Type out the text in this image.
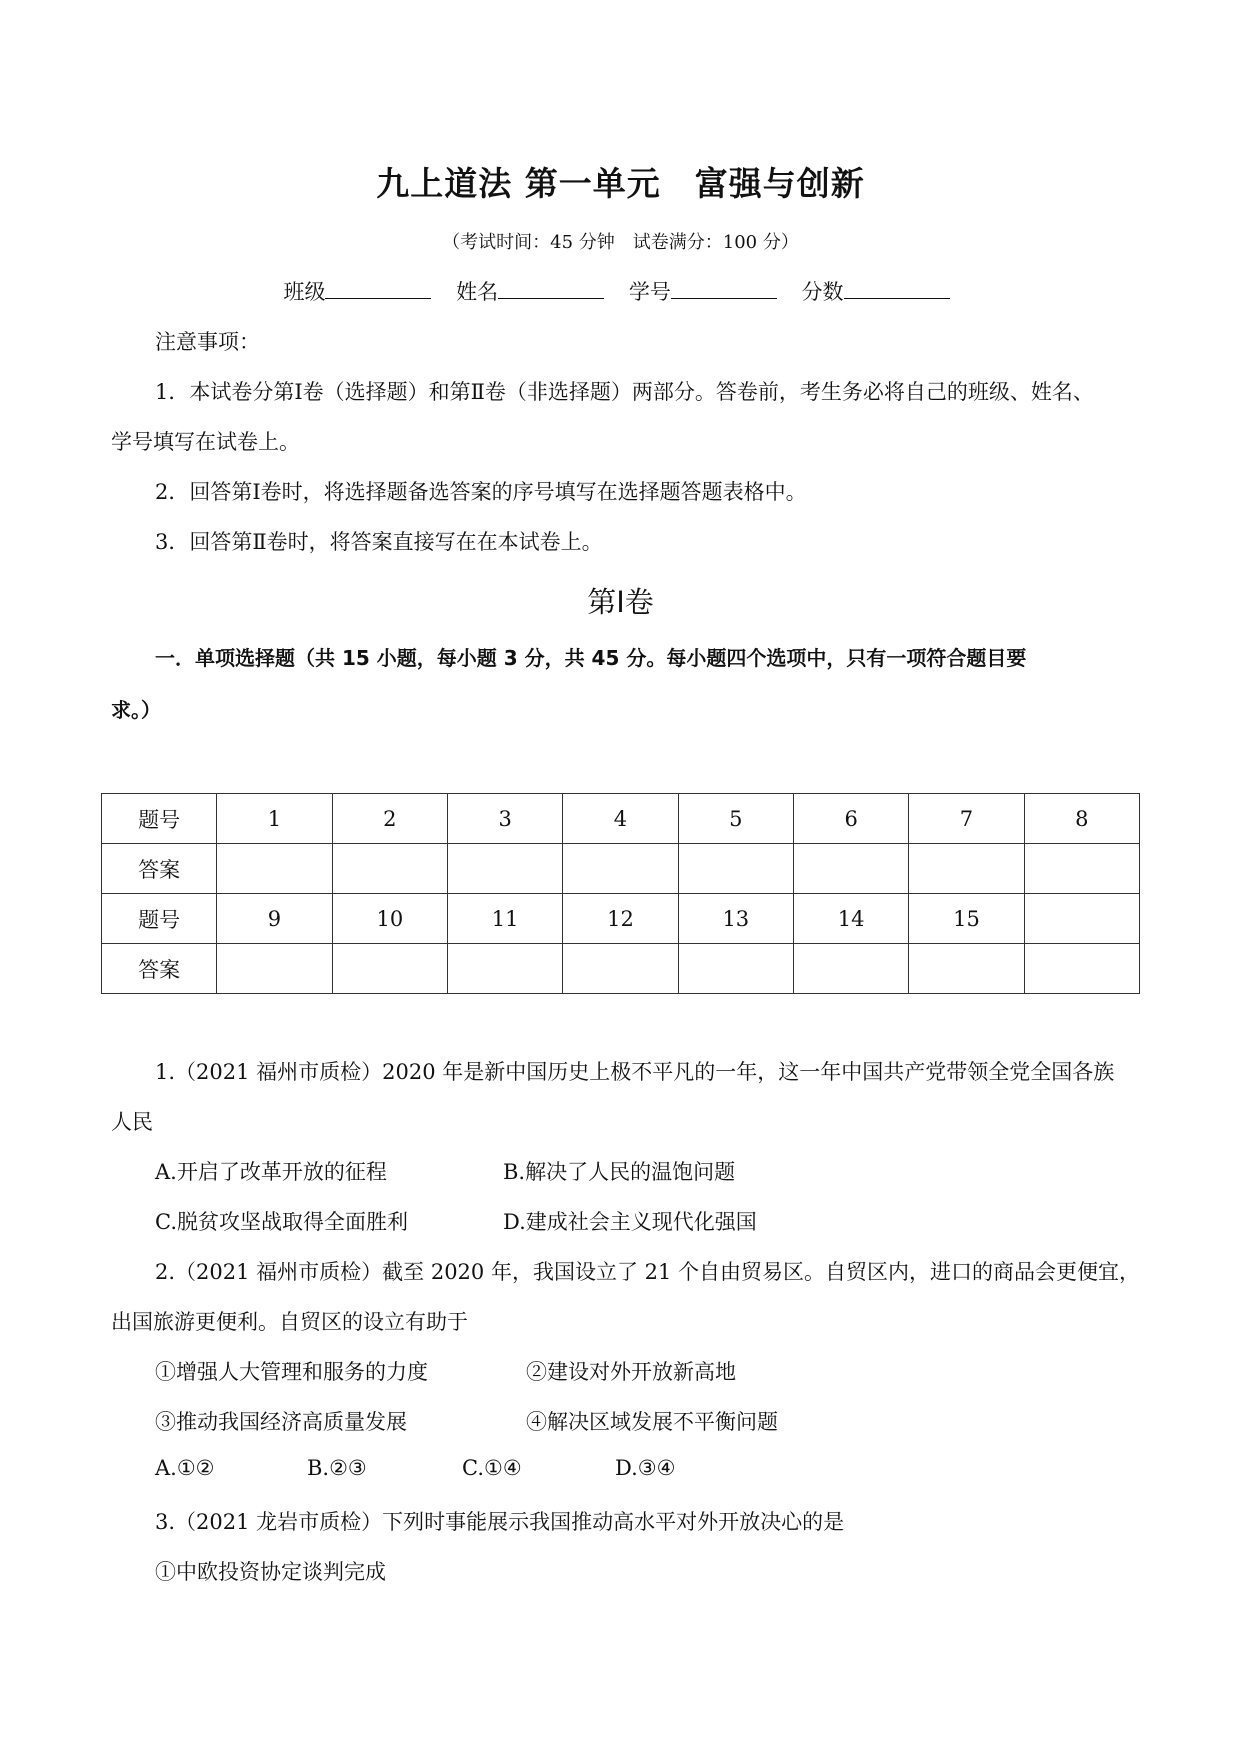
九上道法 第一单元　富强与创新
（考试时间：45 分钟　试卷满分：100 分）
班级	姓名	学号	分数
注意事项：
1．本试卷分第Ⅰ卷（选择题）和第Ⅱ卷（非选择题）两部分。答卷前，考生务必将自己的班级、姓名、
学号填写在试卷上。
2．回答第Ⅰ卷时，将选择题备选答案的序号填写在选择题答题表格中。
3．回答第Ⅱ卷时，将答案直接写在在本试卷上。
第Ⅰ卷
一．单项选择题（共 15 小题，每小题 3 分，共 45 分。每小题四个选项中，只有一项符合题目要
求。）
题号	1	2	3	4	5	6	7	8
答案								
题号	9	10	11	12	13	14	15	
答案								
1.（2021 福州市质检）2020 年是新中国历史上极不平凡的一年，这一年中国共产党带领全党全国各族
人民
A.开启了改革开放的征程	B.解决了人民的温饱问题
C.脱贫攻坚战取得全面胜利	D.建成社会主义现代化强国
2.（2021 福州市质检）截至 2020 年，我国设立了 21 个自由贸易区。自贸区内，进口的商品会更便宜，
出国旅游更便利。自贸区的设立有助于
①增强人大管理和服务的力度	②建设对外开放新高地
③推动我国经济高质量发展	④解决区域发展不平衡问题
A.①②	B.②③	C.①④	D.③④
3.（2021 龙岩市质检）下列时事能展示我国推动高水平对外开放决心的是
①中欧投资协定谈判完成
